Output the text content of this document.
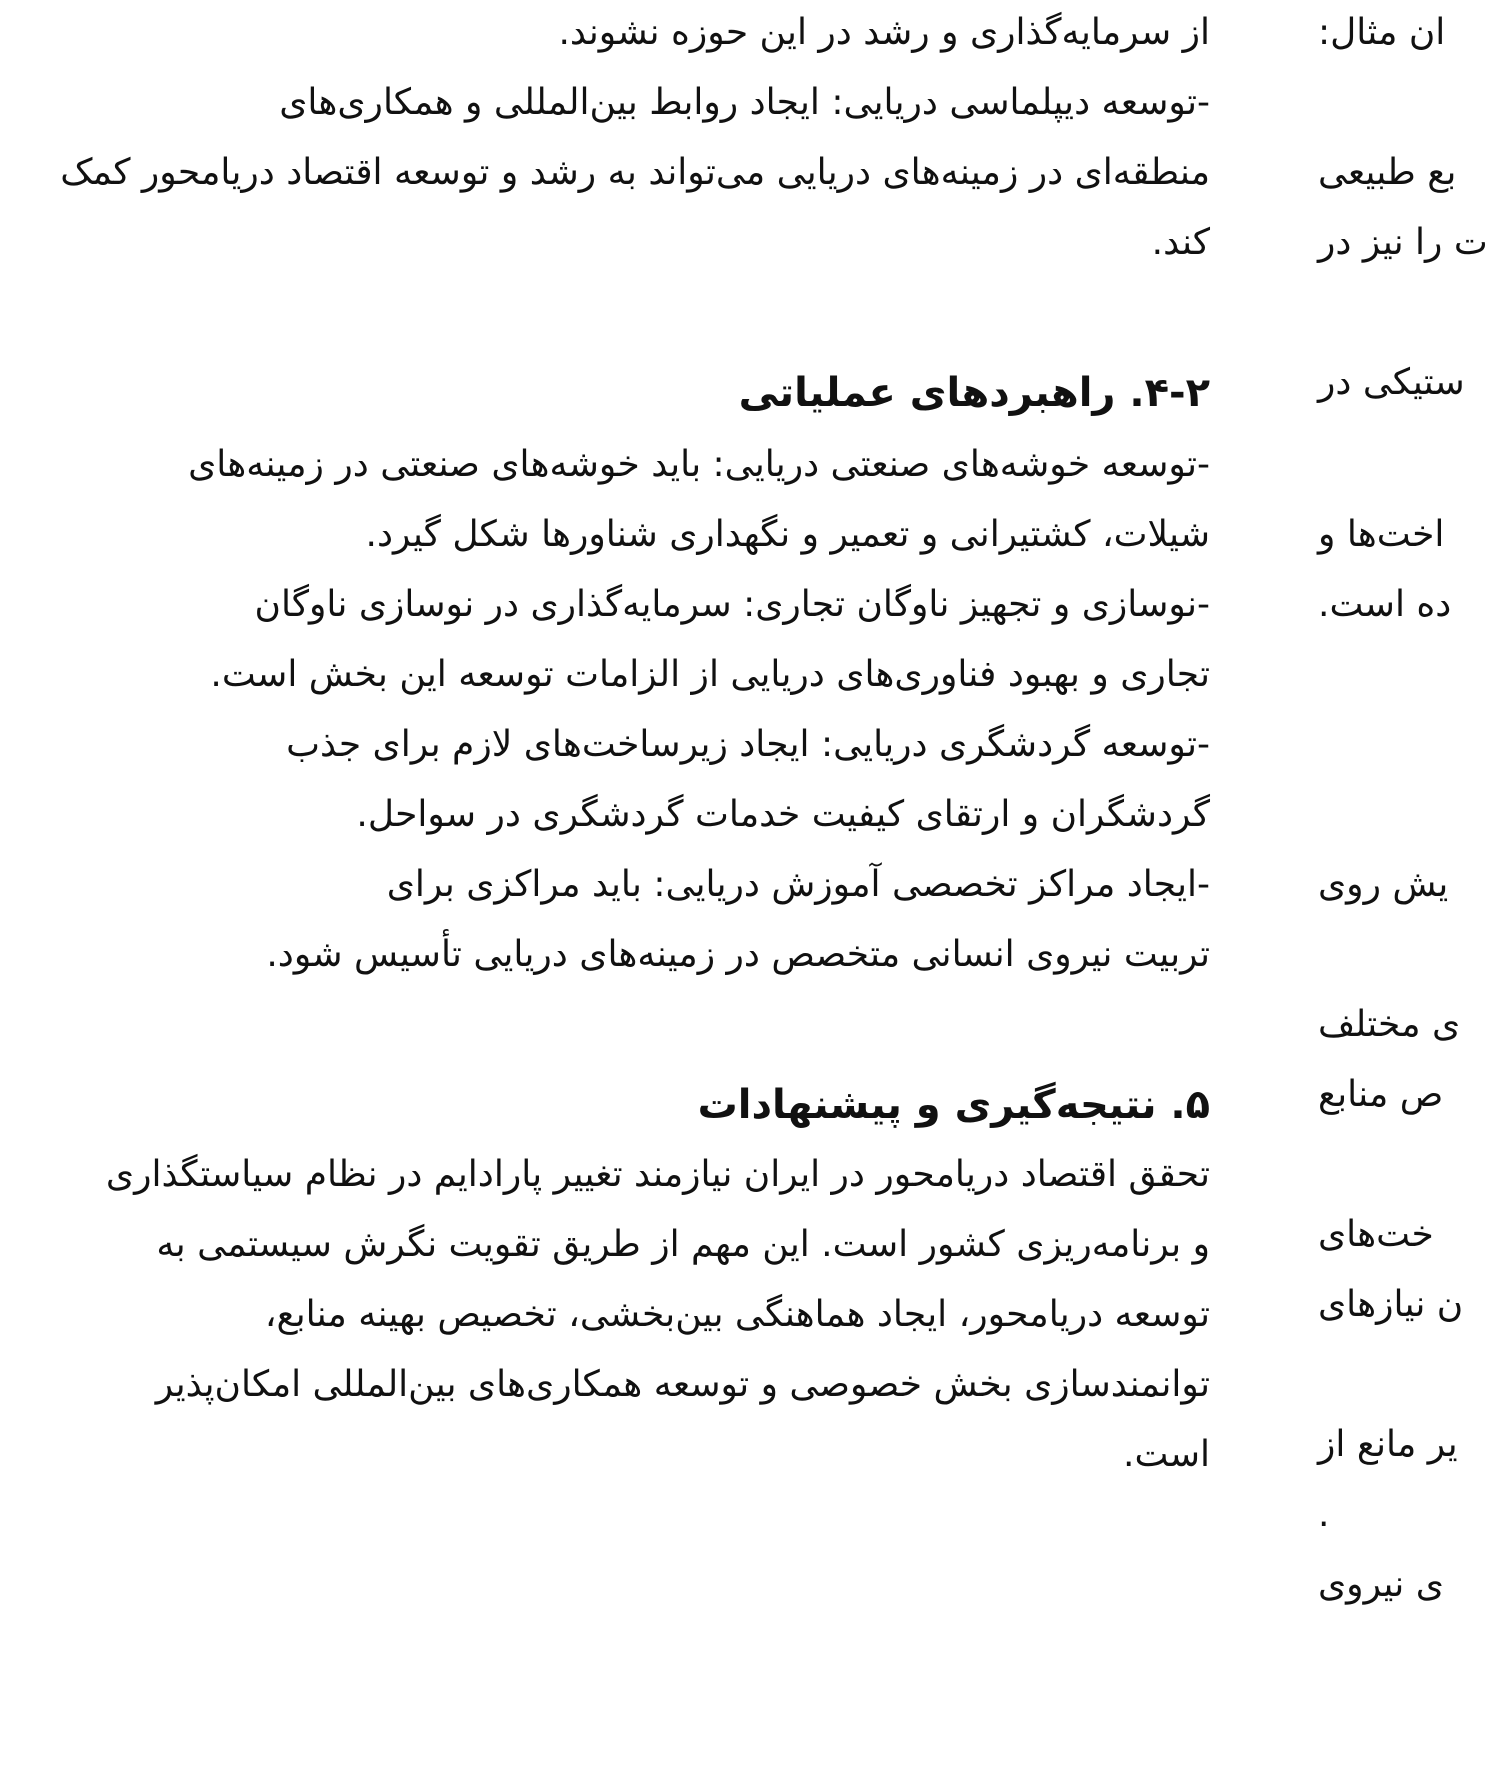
از سرمایه‌گذاری و رشد در این حوزه نشوند.
-توسعه دیپلماسی دریایی: ایجاد روابط بین‌المللی و همکاری‌های
منطقه‌ای در زمینه‌های دریایی می‌تواند به رشد و توسعه اقتصاد دریامحور کمک
کند.
۴-۲. راهبردهای عملیاتی
-توسعه خوشه‌های صنعتی دریایی: باید خوشه‌های صنعتی در زمینه‌های
شیلات، کشتیرانی و تعمیر و نگهداری شناورها شکل گیرد.
-نوسازی و تجهیز ناوگان تجاری: سرمایه‌گذاری در نوسازی ناوگان
تجاری و بهبود فناوری‌های دریایی از الزامات توسعه این بخش است.
-توسعه گردشگری دریایی: ایجاد زیرساخت‌های لازم برای جذب
گردشگران و ارتقای کیفیت خدمات گردشگری در سواحل.
-ایجاد مراکز تخصصی آموزش دریایی: باید مراکزی برای
تربیت نیروی انسانی متخصص در زمینه‌های دریایی تأسیس شود.
۵. نتیجه‌گیری و پیشنهادات
تحقق اقتصاد دریامحور در ایران نیازمند تغییر پارادایم در نظام سیاستگذاری
و برنامه‌ریزی کشور است. این مهم از طریق تقویت نگرش سیستمی به
توسعه دریامحور، ایجاد هماهنگی بین‌بخشی، تخصیص بهینه منابع،
توانمندسازی بخش خصوصی و توسعه همکاری‌های بین‌المللی امکان‌پذیر
است.
ان مثال:
بع طبیعی
ت را نیز در
ستیکی در
اخت‌ها و
ده است.
یش روی
ی مختلف
ص منابع
خت‌های
ن نیازهای
یر مانع از
.
ی نیروی
